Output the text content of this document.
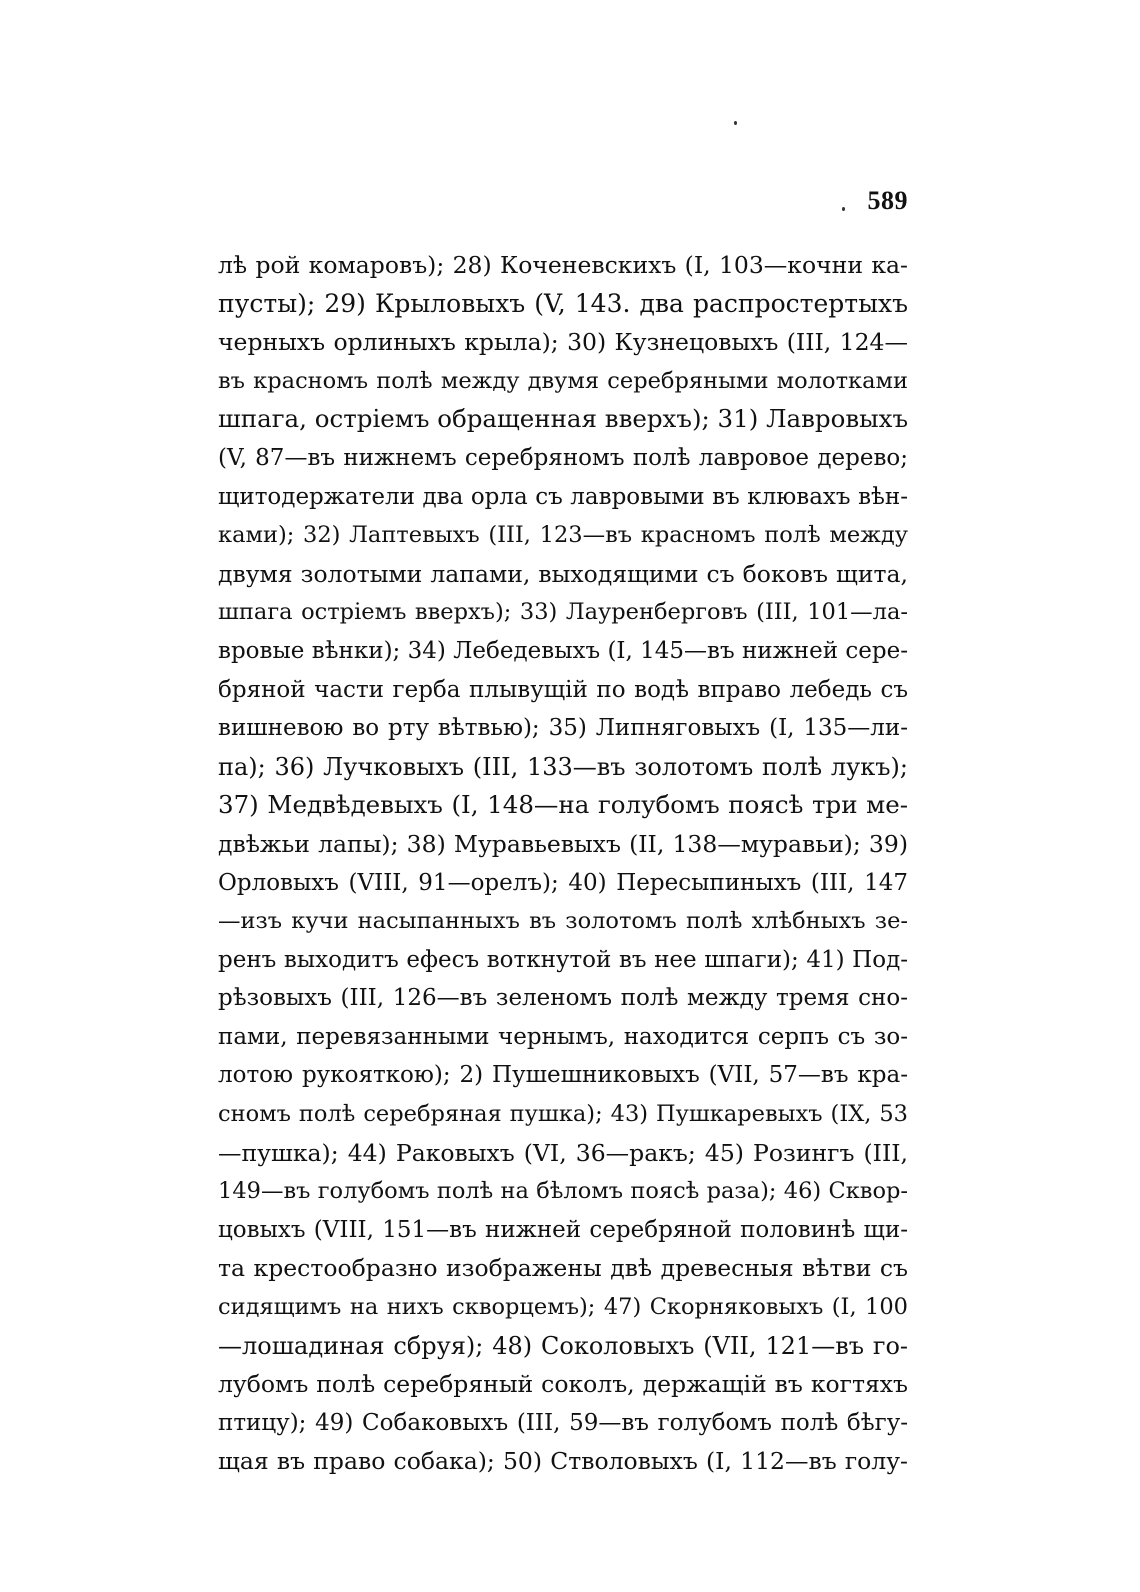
589
лѣ рой комаровъ); 28) Коченевскихъ (I, 103—кочни ка-
пусты); 29) Крыловыхъ (V, 143. два распростертыхъ
черныхъ орлиныхъ крыла); 30) Кузнецовыхъ (III, 124—
въ красномъ полѣ между двумя серебряными молотками
шпага, остріемъ обращенная вверхъ); 31) Лавровыхъ
(V, 87—въ нижнемъ серебряномъ полѣ лавровое дерево;
щитодержатели два орла съ лавровыми въ клювахъ вѣн-
ками); 32) Лаптевыхъ (III, 123—въ красномъ полѣ между
двумя золотыми лапами, выходящими съ боковъ щита,
шпага остріемъ вверхъ); 33) Лауренберговъ (III, 101—ла-
вровые вѣнки); 34) Лебедевыхъ (I, 145—въ нижней сере-
бряной части герба плывущій по водѣ вправо лебедь съ
вишневою во рту вѣтвью); 35) Липняговыхъ (I, 135—ли-
па); 36) Лучковыхъ (III, 133—въ золотомъ полѣ лукъ);
37) Медвѣдевыхъ (I, 148—на голубомъ поясѣ три ме-
двѣжьи лапы); 38) Муравьевыхъ (II, 138—муравьи); 39)
Орловыхъ (VIII, 91—орелъ); 40) Пересыпиныхъ (III, 147
—изъ кучи насыпанныхъ въ золотомъ полѣ хлѣбныхъ зе-
ренъ выходитъ ефесъ воткнутой въ нее шпаги); 41) Под-
рѣзовыхъ (III, 126—въ зеленомъ полѣ между тремя сно-
пами, перевязанными чернымъ, находится серпъ съ зо-
лотою рукояткою); 2) Пушешниковыхъ (VII, 57—въ кра-
сномъ полѣ серебряная пушка); 43) Пушкаревыхъ (IX, 53
—пушка); 44) Раковыхъ (VI, 36—ракъ; 45) Розингъ (III,
149—въ голубомъ полѣ на бѣломъ поясѣ раза); 46) Сквор-
цовыхъ (VIII, 151—въ нижней серебряной половинѣ щи-
та крестообразно изображены двѣ древесныя вѣтви съ
сидящимъ на нихъ скворцемъ); 47) Скорняковыхъ (I, 100
—лошадиная сбруя); 48) Соколовыхъ (VII, 121—въ го-
лубомъ полѣ серебряный соколъ, держащій въ когтяхъ
птицу); 49) Собаковыхъ (III, 59—въ голубомъ полѣ бѣгу-
щая въ право собака); 50) Стволовыхъ (I, 112—въ голу-
